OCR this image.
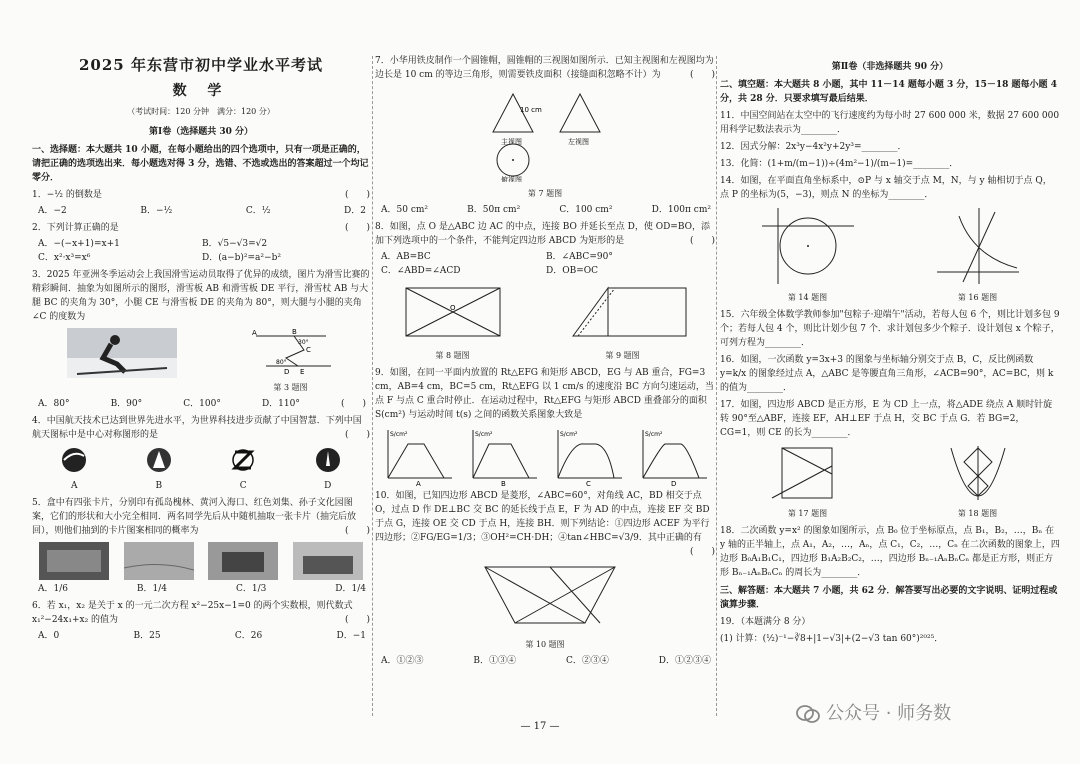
2025 年东营市初中学业水平考试
数 学
（考试时间：120 分钟　满分：120 分）
第Ⅰ卷（选择题共 30 分）
一、选择题：本大题共 10 小题，在每小题给出的四个选项中，只有一项是正确的，请把正确的选项选出来．每小题选对得 3 分，选错、不选或选出的答案超过一个均记零分．
1．−½ 的倒数是	(　　)
A．−2	B．−½	C．½	D．2
2．下列计算正确的是	(　　)
A．−(−x+1)=x+1	B．√5−√3=√2
C．x²·x³=x⁶	D．(a−b)²=a²−b²
3．2025 年亚洲冬季运动会上我国滑雪运动员取得了优异的成绩，图片为滑雪比赛的精彩瞬间．抽象为如图所示的图形，滑雪板 AB 和滑雪板 DE 平行，滑雪杖 AB 与大腿 BC 的夹角为 30°，小腿 CE 与滑雪板 DE 的夹角为 80°，则大腿与小腿的夹角∠C 的度数为
A	B
C
D E
30°
80°
第 3 题图
A．80°	B．90°	C．100°	D．110°	(　　)
4．中国航天技术已达到世界先进水平，为世界科技进步贡献了中国智慧．下列中国航天图标中是中心对称图形的是	(　　)
A	B	C	D
5．盒中有四张卡片，分别印有孤岛槐林、黄河入海口、红色刘集、孙子文化园图案，它们的形状和大小完全相同．两名同学先后从中随机抽取一张卡片（抽完后放回），则他们抽到的卡片图案相同的概率为	(　　)
A．1/6	B．1/4	C．1/3	D．1/4
6．若 x₁，x₂ 是关于 x 的一元二次方程 x²−25x−1=0 的两个实数根，则代数式 x₁²−24x₁+x₂ 的值为	(　　)
A．0	B．25	C．26	D．−1
7．小华用铁皮制作一个圆锥帽，圆锥帽的三视图如图所示．已知主视图和左视图均为边长是 10 cm 的等边三角形，则需要铁皮面积（接缝面积忽略不计）为	(　　)
10 cm
主视图	左视图
俯视图
第 7 题图
A．50 cm²	B．50π cm²	C．100 cm²	D．100π cm²
8．如图，点 O 是△ABC 边 AC 的中点，连接 BO 并延长至点 D，使 OD=BO，添加下列选项中的一个条件，不能判定四边形 ABCD 为矩形的是	(　　)
A．AB=BC	B．∠ABC=90°
C．∠ABD=∠ACD	D．OB=OC
O
第 8 题图	第 9 题图
9．如图，在同一平面内放置的 Rt△EFG 和矩形 ABCD，EG 与 AB 重合，FG=3 cm，AB=4 cm，BC=5 cm，Rt△EFG 以 1 cm/s 的速度沿 BC 方向匀速运动，当点 F 与点 C 重合时停止．在运动过程中，Rt△EFG 与矩形 ABCD 重叠部分的面积 S(cm²) 与运动时间 t(s) 之间的函数关系图象大致是
A
S/cm²
B
S/cm²
C
S/cm²
D
S/cm²
10．如图，已知四边形 ABCD 是菱形，∠ABC=60°，对角线 AC，BD 相交于点 O，过点 D 作 DE⊥BC 交 BC 的延长线于点 E，F 为 AD 的中点，连接 EF 交 BD 于点 G，连接 OE 交 CD 于点 H，连接 BH．则下列结论：①四边形 ACEF 为平行四边形；②FG/EG=1/3；③OH²=CH·DH；④tan∠HBC=√3/9．其中正确的有
(　　)
第 10 题图
A．①②③	B．①③④	C．②③④	D．①②③④
第Ⅱ卷（非选择题共 90 分）
二、填空题：本大题共 8 小题，其中 11－14 题每小题 3 分，15－18 题每小题 4 分，共 28 分．只要求填写最后结果．
11．中国空间站在太空中的飞行速度约为每小时 27 600 000 米，数据 27 600 000 用科学记数法表示为________．
12．因式分解：2x³y−4x²y+2y³=________．
13．化简：(1+m/(m−1))÷(4m²−1)/(m−1)=________．
14．如图，在平面直角坐标系中，⊙P 与 x 轴交于点 M，N，与 y 轴相切于点 Q，点 P 的坐标为(5，−3)，则点 N 的坐标为________．
第 14 题图	第 16 题图
15．六年级全体数学教师参加"包粽子·迎端午"活动，若每人包 6 个，则比计划多包 9 个；若每人包 4 个，则比计划少包 7 个．求计划包多少个粽子．设计划包 x 个粽子，可列方程为________．
16．如图，一次函数 y=3x+3 的图象与坐标轴分别交于点 B，C，反比例函数 y=k/x 的图象经过点 A，△ABC 是等腰直角三角形，∠ACB=90°，AC=BC，则 k 的值为________．
17．如图，四边形 ABCD 是正方形，E 为 CD 上一点，将△ADE 绕点 A 顺时针旋转 90°至△ABF，连接 EF，AH⊥EF 于点 H，交 BC 于点 G．若 BG=2，CG=1，则 CE 的长为________．
第 17 题图	第 18 题图
18．二次函数 y=x² 的图象如图所示，点 B₀ 位于坐标原点，点 B₁，B₂，…，Bₙ 在 y 轴的正半轴上，点 A₁，A₂，…，Aₙ，点 C₁，C₂，…，Cₙ 在二次函数的图象上，四边形 B₀A₁B₁C₁，四边形 B₁A₂B₂C₂，…，四边形 Bₙ₋₁AₙBₙCₙ 都是正方形，则正方形 Bₙ₋₁AₙBₙCₙ 的周长为________．
三、解答题：本大题共 7 小题，共 62 分．解答要写出必要的文字说明、证明过程或演算步骤．
19．（本题满分 8 分）
(1) 计算：(½)⁻¹−∛8+|1−√3|+(2−√3 tan 60°)²⁰²⁵．
— 17 —
公众号 · 师务数
